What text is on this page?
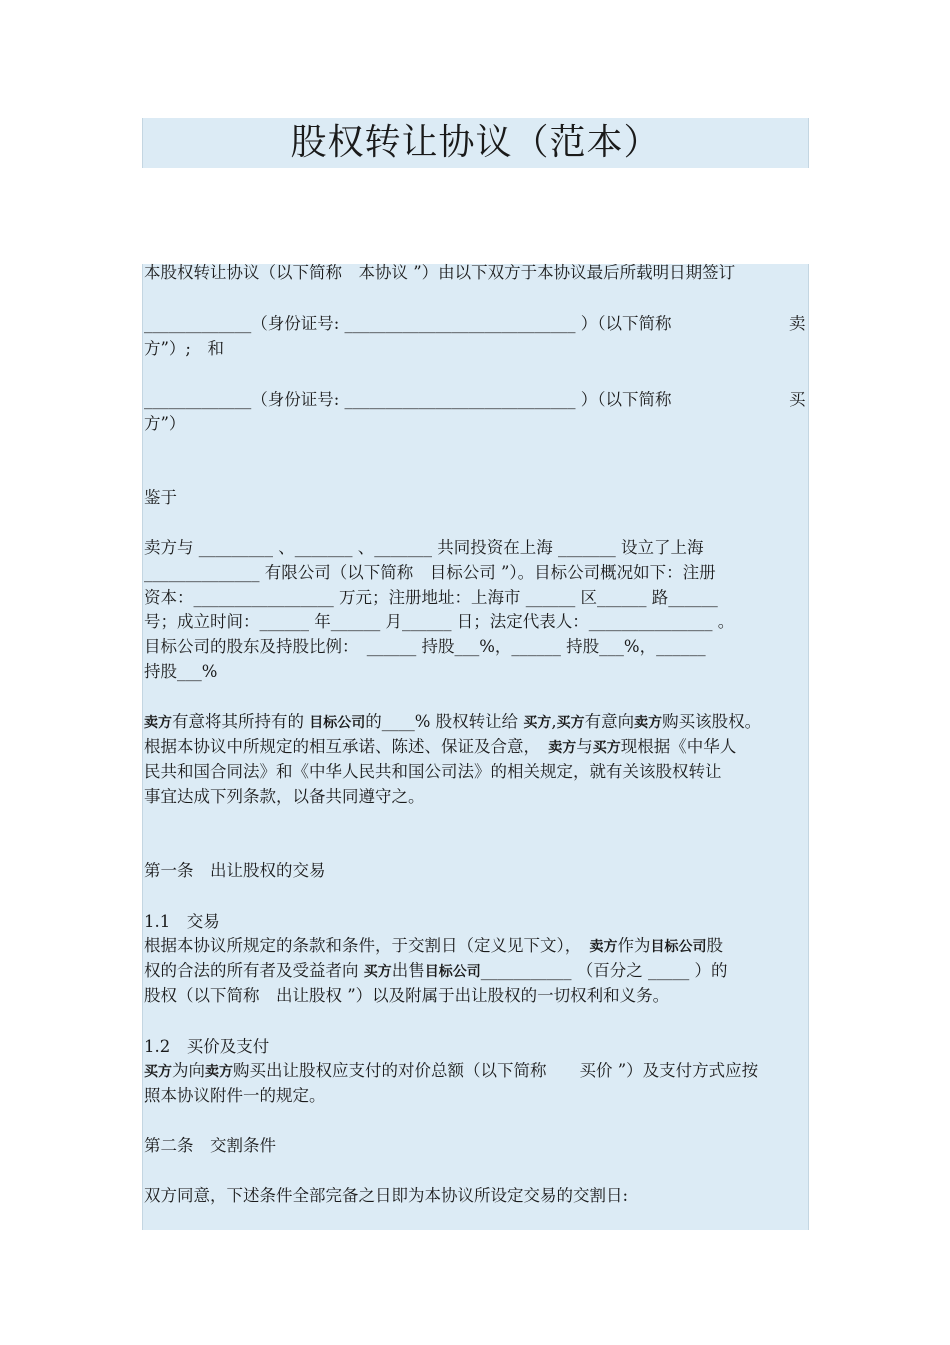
股权转让协议（范本）
本股权转让协议（以下简称　本协议 ”）由以下双方于本协议最后所载明日期签订
_____________（身份证号: ____________________________ ）（以下简称	卖
方”）;　和
_____________（身份证号: ____________________________ ）（以下简称	买
方”）
鉴于
卖方与 _________ 、_______ 、_______ 共同投资在上海 _______ 设立了上海
______________ 有限公司（以下简称　目标公司 ”）。目标公司概况如下：注册
资本：_________________ 万元；注册地址：上海市 ______ 区______ 路______
号；成立时间：______ 年______ 月______ 日；法定代表人：_______________ 。
目标公司的股东及持股比例：　______ 持股___%，______ 持股___%，______
持股___%
卖方有意将其所持有的 目标公司的____% 股权转让给 买方,买方有意向卖方购买该股权。
根据本协议中所规定的相互承诺、陈述、保证及合意，　卖方与买方现根据《中华人
民共和国合同法》和《中华人民共和国公司法》的相关规定，就有关该股权转让
事宜达成下列条款，以备共同遵守之。
第一条　出让股权的交易
1.1　交易
根据本协议所规定的条款和条件，于交割日（定义见下文），　卖方作为目标公司股
权的合法的所有者及受益者向 买方出售目标公司___________ （百分之 _____ ）的
股权（以下简称　出让股权 ”）以及附属于出让股权的一切权利和义务。
1.2　买价及支付
买方为向卖方购买出让股权应支付的对价总额（以下简称　　买价 ”）及支付方式应按
照本协议附件一的规定。
第二条　交割条件
双方同意，下述条件全部完备之日即为本协议所设定交易的交割日:
